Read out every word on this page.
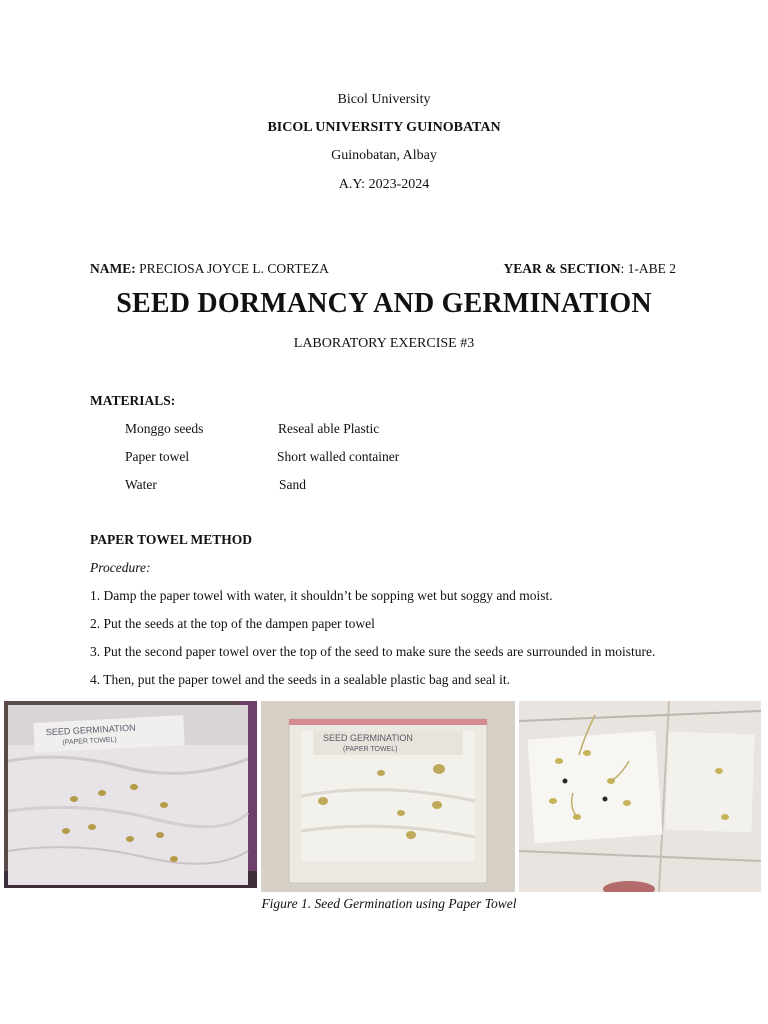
Bicol University
BICOL UNIVERSITY GUINOBATAN
Guinobatan, Albay
A.Y: 2023-2024
NAME: PRECIOSA JOYCE L. CORTEZA	YEAR & SECTION: 1-ABE 2
SEED DORMANCY AND GERMINATION
LABORATORY EXERCISE #3
MATERIALS:
Monggo seeds	Reseal able Plastic
Paper towel	Short walled container
Water	Sand
PAPER TOWEL METHOD
Procedure:
1. Damp the paper towel with water, it shouldn’t be sopping wet but soggy and moist.
2. Put the seeds at the top of the dampen paper towel
3. Put the second paper towel over the top of the seed to make sure the seeds are surrounded in moisture.
4. Then, put the paper towel and the seeds in a sealable plastic bag and seal it.
SEED GERMINATION
(PAPER TOWEL)	SEED GERMINATION
(PAPER TOWEL)
Figure 1. Seed Germination using Paper Towel
